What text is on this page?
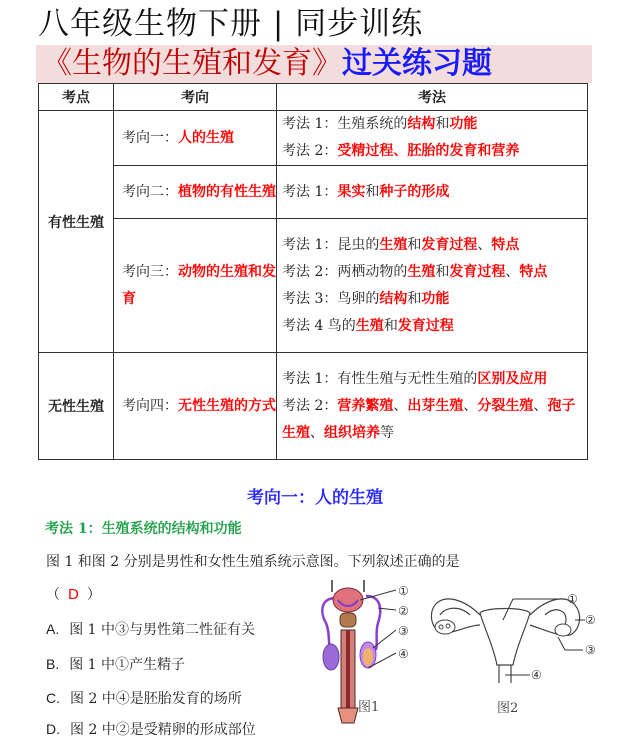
八年级生物下册 | 同步训练
《生物的生殖和发育》过关练习题
考点	考向	考法
有性生殖	考向一：人的生殖	考法 1：生殖系统的结构和功能
考法 2：受精过程、胚胎的发育和营养

	考向二：植物的有性生殖	考法 1：果实和种子的形成

	考向三：动物的生殖和发育	考法 1：昆虫的生殖和发育过程、特点
考法 2：两栖动物的生殖和发育过程、特点
考法 3：鸟卵的结构和功能
考法 4 鸟的生殖和发育过程

无性生殖	考向四：无性生殖的方式	考法 1：有性生殖与无性生殖的区别及应用
考法 2：营养繁殖、出芽生殖、分裂生殖、孢子生殖、组织培养等
考向一：人的生殖
考法 1：生殖系统的结构和功能
图 1 和图 2 分别是男性和女性生殖系统示意图。下列叙述正确的是
（ D ）
A. 图 1 中③与男性第二性征有关
B. 图 1 中①产生精子
C. 图 2 中④是胚胎发育的场所
D. 图 2 中②是受精卵的形成部位
①
②
③
④
图1
①
②
③
④
图2
